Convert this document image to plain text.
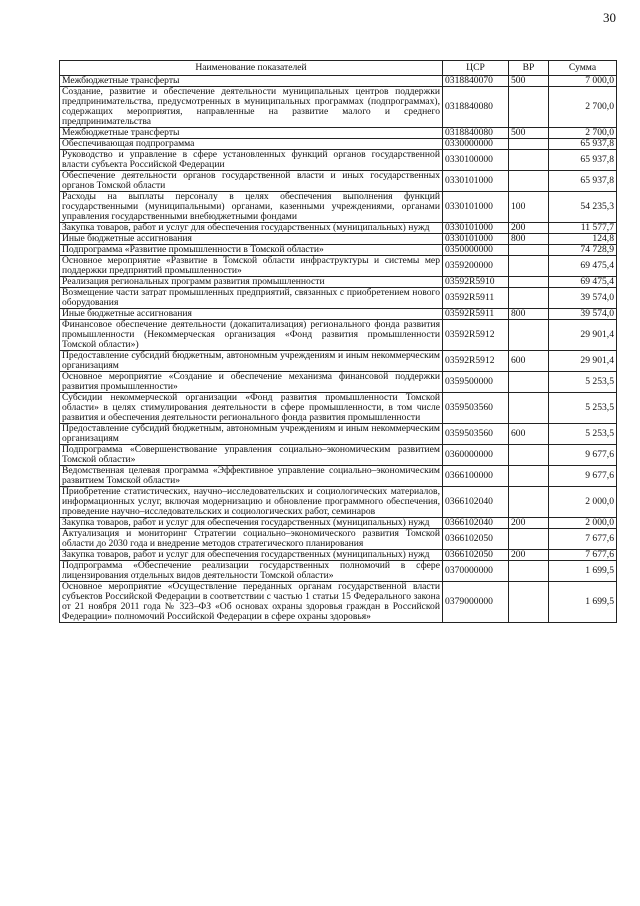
30
Наименование показателей	ЦСР	ВР	Сумма
Межбюджетные трансферты	0318840070	500	7 000,0
Создание, развитие и обеспечение деятельности муниципальных центров поддержки предпринимательства, предусмотренных в муниципальных программах (подпрограммах), содержащих мероприятия, направленные на развитие малого и среднего предпринимательства	0318840080		2 700,0
Межбюджетные трансферты	0318840080	500	2 700,0
Обеспечивающая подпрограмма	0330000000		65 937,8
Руководство и управление в сфере установленных функций органов государственной власти субъекта Российской Федерации	0330100000		65 937,8
Обеспечение деятельности органов государственной власти и иных государственных органов Томской области	0330101000		65 937,8
Расходы на выплаты персоналу в целях обеспечения выполнения функций государственными (муниципальными) органами, казенными учреждениями, органами управления государственными внебюджетными фондами	0330101000	100	54 235,3
Закупка товаров, работ и услуг для обеспечения государственных (муниципальных) нужд	0330101000	200	11 577,7
Иные бюджетные ассигнования	0330101000	800	124,8
Подпрограмма «Развитие промышленности в Томской области»	0350000000		74 728,9
Основное мероприятие «Развитие в Томской области инфраструктуры и системы мер поддержки предприятий промышленности»	0359200000		69 475,4
Реализация региональных программ развития промышленности	03592R5910		69 475,4
Возмещение части затрат промышленных предприятий, связанных с приобретением нового оборудования	03592R5911		39 574,0
Иные бюджетные ассигнования	03592R5911	800	39 574,0
Финансовое обеспечение деятельности (докапитализация) регионального фонда развития промышленности (Некоммерческая организация «Фонд развития промышленности Томской области»)	03592R5912		29 901,4
Предоставление субсидий бюджетным, автономным учреждениям и иным некоммерческим организациям	03592R5912	600	29 901,4
Основное мероприятие «Создание и обеспечение механизма финансовой поддержки развития промышленности»	0359500000		5 253,5
Субсидии некоммерческой организации «Фонд развития промышленности Томской области» в целях стимулирования деятельности в сфере промышленности, в том числе развития и обеспечения деятельности регионального фонда развития промышленности	0359503560		5 253,5
Предоставление субсидий бюджетным, автономным учреждениям и иным некоммерческим организациям	0359503560	600	5 253,5
Подпрограмма «Совершенствование управления социально–экономическим развитием Томской области»	0360000000		9 677,6
Ведомственная целевая программа «Эффективное управление социально–экономическим развитием Томской области»	0366100000		9 677,6
Приобретение статистических, научно–исследовательских и социологических материалов, информационных услуг, включая модернизацию и обновление программного обеспечения, проведение научно–исследовательских и социологических работ, семинаров	0366102040		2 000,0
Закупка товаров, работ и услуг для обеспечения государственных (муниципальных) нужд	0366102040	200	2 000,0
Актуализация и мониторинг Стратегии социально–экономического развития Томской области до 2030 года и внедрение методов стратегического планирования	0366102050		7 677,6
Закупка товаров, работ и услуг для обеспечения государственных (муниципальных) нужд	0366102050	200	7 677,6
Подпрограмма «Обеспечение реализации государственных полномочий в сфере лицензирования отдельных видов деятельности Томской области»	0370000000		1 699,5
Основное мероприятие «Осуществление переданных органам государственной власти субъектов Российской Федерации в соответствии с частью 1 статьи 15 Федерального закона от 21 ноября 2011 года № 323–ФЗ «Об основах охраны здоровья граждан в Российской Федерации» полномочий Российской Федерации в сфере охраны здоровья»	0379000000		1 699,5
